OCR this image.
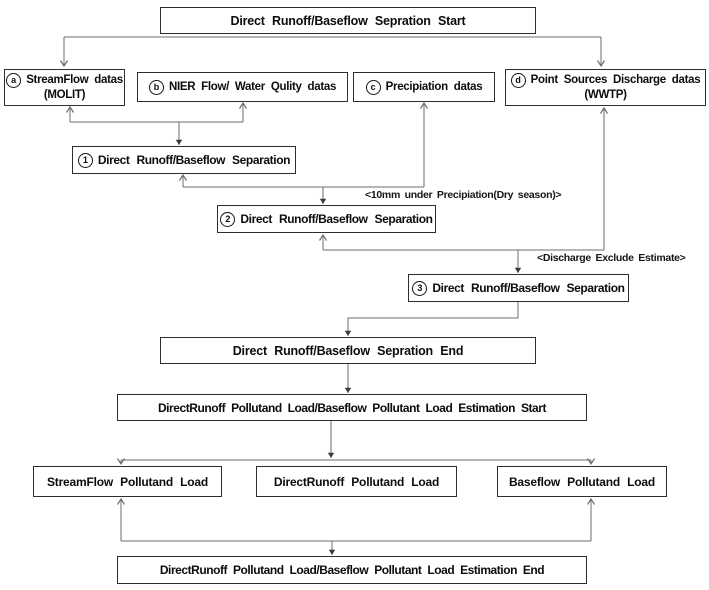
Direct Runoff/Baseflow Sepration Start
a StreamFlow datas
(MOLIT)
b NIER Flow/ Water Qulity datas	c Precipiation datas
d Point Sources Discharge datas
(WWTP)
1 Direct Runoff/Baseflow Separation
2 Direct Runoff/Baseflow Separation
3 Direct Runoff/Baseflow Separation
<10mm under Precipiation(Dry season)>
<Discharge Exclude Estimate>
Direct Runoff/Baseflow Sepration End
DirectRunoff Pollutand Load/Baseflow Pollutant Load Estimation Start
StreamFlow Pollutand Load	DirectRunoff Pollutand Load	Baseflow Pollutand Load
DirectRunoff Pollutand Load/Baseflow Pollutant Load Estimation End
